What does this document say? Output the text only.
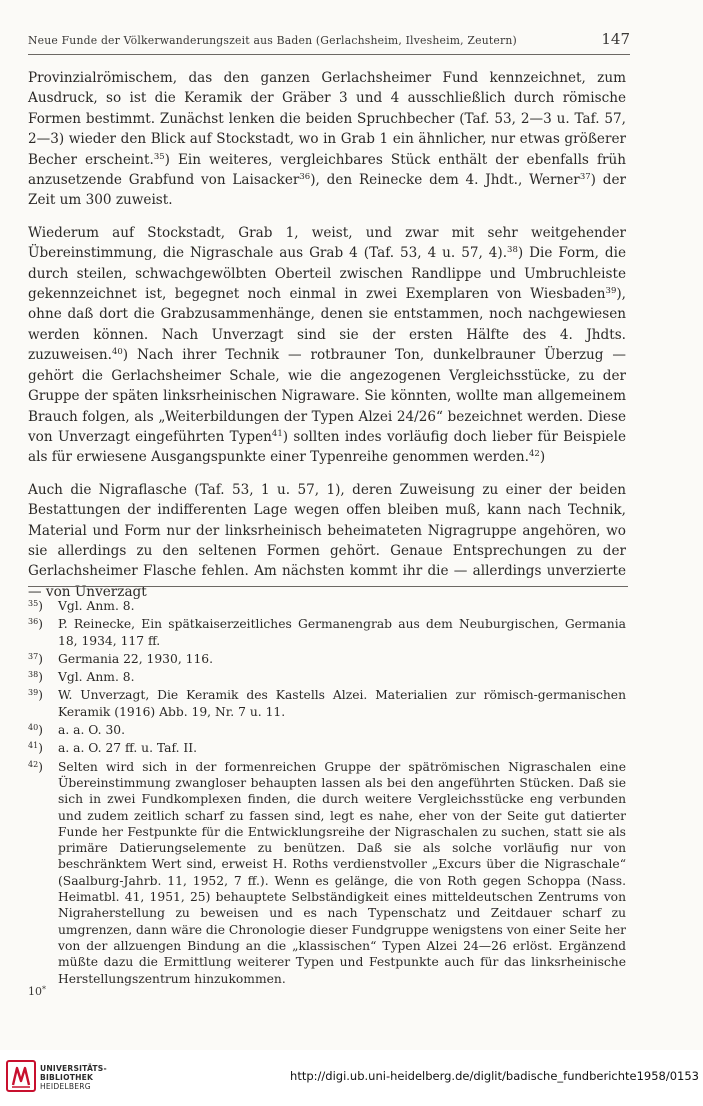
Neue Funde der Völkerwanderungszeit aus Baden (Gerlachsheim, Ilvesheim, Zeutern)	147

Provinzialrömischem, das den ganzen Gerlachsheimer Fund kennzeichnet, zum Ausdruck, so ist die Keramik der Gräber 3 und 4 ausschließlich durch römische Formen bestimmt. Zunächst lenken die beiden Spruchbecher (Taf. 53, 2—3 u. Taf. 57, 2—3) wieder den Blick auf Stockstadt, wo in Grab 1 ein ähnlicher, nur etwas größerer Becher erscheint.$^{35}$) Ein weiteres, vergleichbares Stück enthält der ebenfalls früh anzusetzende Grabfund von Laisacker$^{36}$), den Reinecke dem 4. Jhdt., Werner$^{37}$) der Zeit um 300 zuweist.

Wiederum auf Stockstadt, Grab 1, weist, und zwar mit sehr weitgehender Übereinstimmung, die Nigraschale aus Grab 4 (Taf. 53, 4 u. 57, 4).$^{38}$) Die Form, die durch steilen, schwachgewölbten Oberteil zwischen Randlippe und Umbruchleiste gekennzeichnet ist, begegnet noch einmal in zwei Exemplaren von Wiesbaden$^{39}$), ohne daß dort die Grabzusammenhänge, denen sie entstammen, noch nachgewiesen werden können. Nach Unverzagt sind sie der ersten Hälfte des 4. Jhdts. zuzuweisen.$^{40}$) Nach ihrer Technik — rotbrauner Ton, dunkelbrauner Überzug — gehört die Gerlachsheimer Schale, wie die angezogenen Vergleichsstücke, zu der Gruppe der späten linksrheinischen Nigraware. Sie könnten, wollte man allgemeinem Brauch folgen, als „Weiterbildungen der Typen Alzei 24/26“ bezeichnet werden. Diese von Unverzagt eingeführten Typen$^{41}$) sollten indes vorläufig doch lieber für Beispiele als für erwiesene Ausgangspunkte einer Typenreihe genommen werden.$^{42}$)

Auch die Nigraflasche (Taf. 53, 1 u. 57, 1), deren Zuweisung zu einer der beiden Bestattungen der indifferenten Lage wegen offen bleiben muß, kann nach Technik, Material und Form nur der linksrheinisch beheimateten Nigragruppe angehören, wo sie allerdings zu den seltenen Formen gehört. Genaue Entsprechungen zu der Gerlachsheimer Flasche fehlen. Am nächsten kommt ihr die — allerdings unverzierte — von Unverzagt

$^{35}$)	Vgl. Anm. 8.
$^{36}$)	P. Reinecke, Ein spätkaiserzeitliches Germanengrab aus dem Neuburgischen, Germania 18, 1934, 117 ff.
$^{37}$)	Germania 22, 1930, 116.
$^{38}$)	Vgl. Anm. 8.
$^{39}$)	W. Unverzagt, Die Keramik des Kastells Alzei. Materialien zur römisch-germanischen Keramik (1916) Abb. 19, Nr. 7 u. 11.
$^{40}$)	a. a. O. 30.
$^{41}$)	a. a. O. 27 ff. u. Taf. II.
$^{42}$)	Selten wird sich in der formenreichen Gruppe der spätrömischen Nigraschalen eine Übereinstimmung zwangloser behaupten lassen als bei den angeführten Stücken. Daß sie sich in zwei Fundkomplexen finden, die durch weitere Vergleichsstücke eng verbunden und zudem zeitlich scharf zu fassen sind, legt es nahe, eher von der Seite gut datierter Funde her Festpunkte für die Entwicklungsreihe der Nigraschalen zu suchen, statt sie als primäre Datierungselemente zu benützen. Daß sie als solche vorläufig nur von beschränktem Wert sind, erweist H. Roths verdienstvoller „Excurs über die Nigraschale“ (Saalburg-Jahrb. 11, 1952, 7 ff.). Wenn es gelänge, die von Roth gegen Schoppa (Nass. Heimatbl. 41, 1951, 25) behauptete Selbständigkeit eines mitteldeutschen Zentrums von Nigraherstellung zu beweisen und es nach Typenschatz und Zeitdauer scharf zu umgrenzen, dann wäre die Chronologie dieser Fundgruppe wenigstens von einer Seite her von der allzuengen Bindung an die „klassischen“ Typen Alzei 24—26 erlöst. Ergänzend müßte dazu die Ermittlung weiterer Typen und Festpunkte auch für das linksrheinische Herstellungszentrum hinzukommen.
10*
UNIVERSITÄTS-
BIBLIOTHEK
HEIDELBERG
http://digi.ub.uni-heidelberg.de/diglit/badische_fundberichte1958/0153
